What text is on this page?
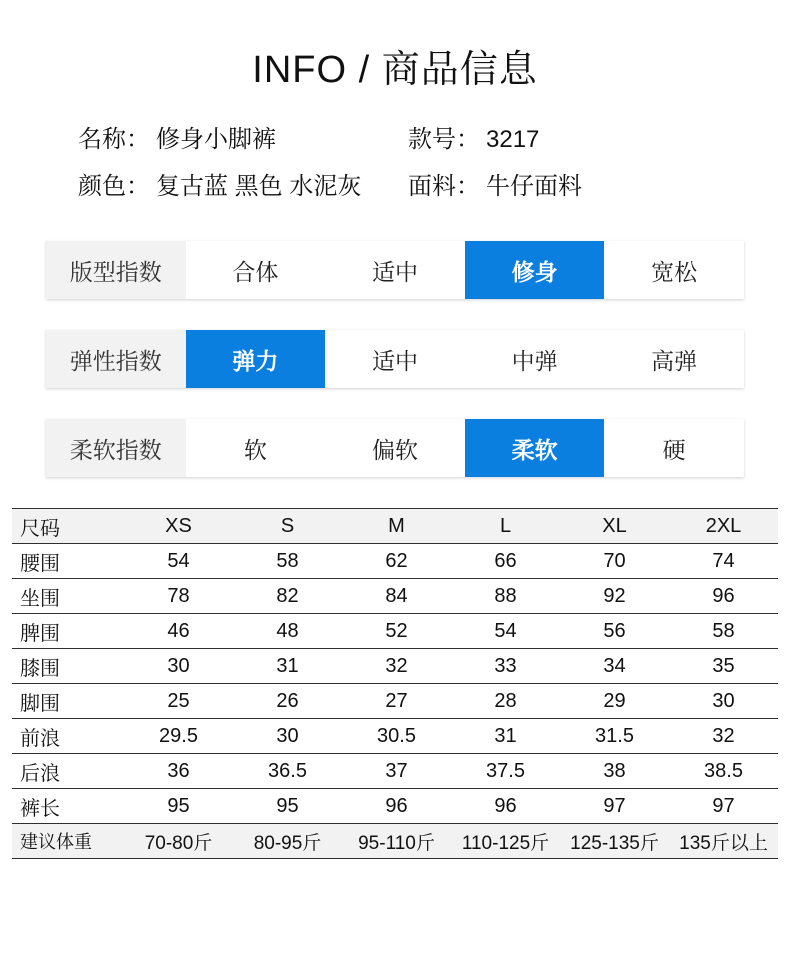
INFO / 商品信息
名称： 修身小脚裤	款号： 3217
颜色： 复古蓝 黑色 水泥灰 面料： 牛仔面料
版型指数	合体	适中	修身	宽松
弹性指数	弹力	适中	中弹	高弹
柔软指数	软	偏软	柔软	硬
尺码	XS	S	M	L	XL	2XL
腰围	54	58	62	66	70	74
坐围	78	82	84	88	92	96
脾围	46	48	52	54	56	58
膝围	30	31	32	33	34	35
脚围	25	26	27	28	29	30
前浪	29.5	30	30.5	31	31.5	32
后浪	36	36.5	37	37.5	38	38.5
裤长	95	95	96	96	97	97
建议体重	70-80斤	80-95斤	95-110斤	110-125斤	125-135斤	135斤以上
